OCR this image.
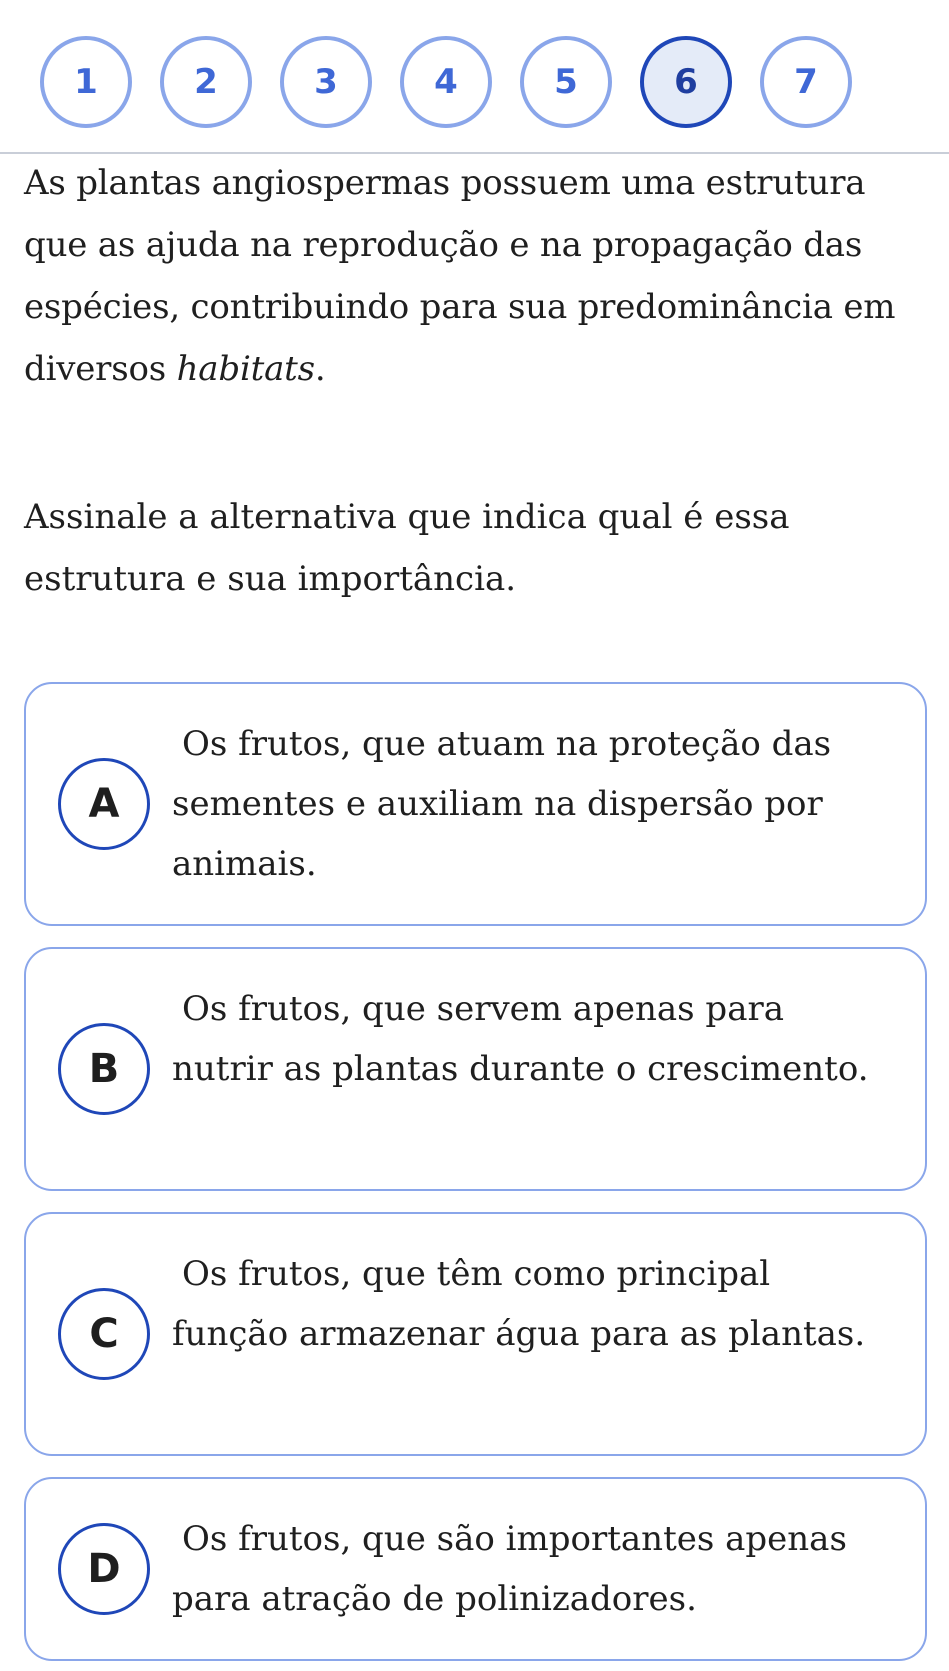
1	2	3	4	5	6	7

As plantas angiospermas possuem uma estrutura que as ajuda na reprodução e na propagação das espécies, contribuindo para sua predominância em diversos habitats.

Assinale a alternativa que indica qual é essa estrutura e sua importância.

A

Os frutos, que atuam na proteção das sementes e auxiliam na dispersão por animais.

B

Os frutos, que servem apenas para nutrir as plantas durante o crescimento.

C

Os frutos, que têm como principal função armazenar água para as plantas.

D

Os frutos, que são importantes apenas para atração de polinizadores.
